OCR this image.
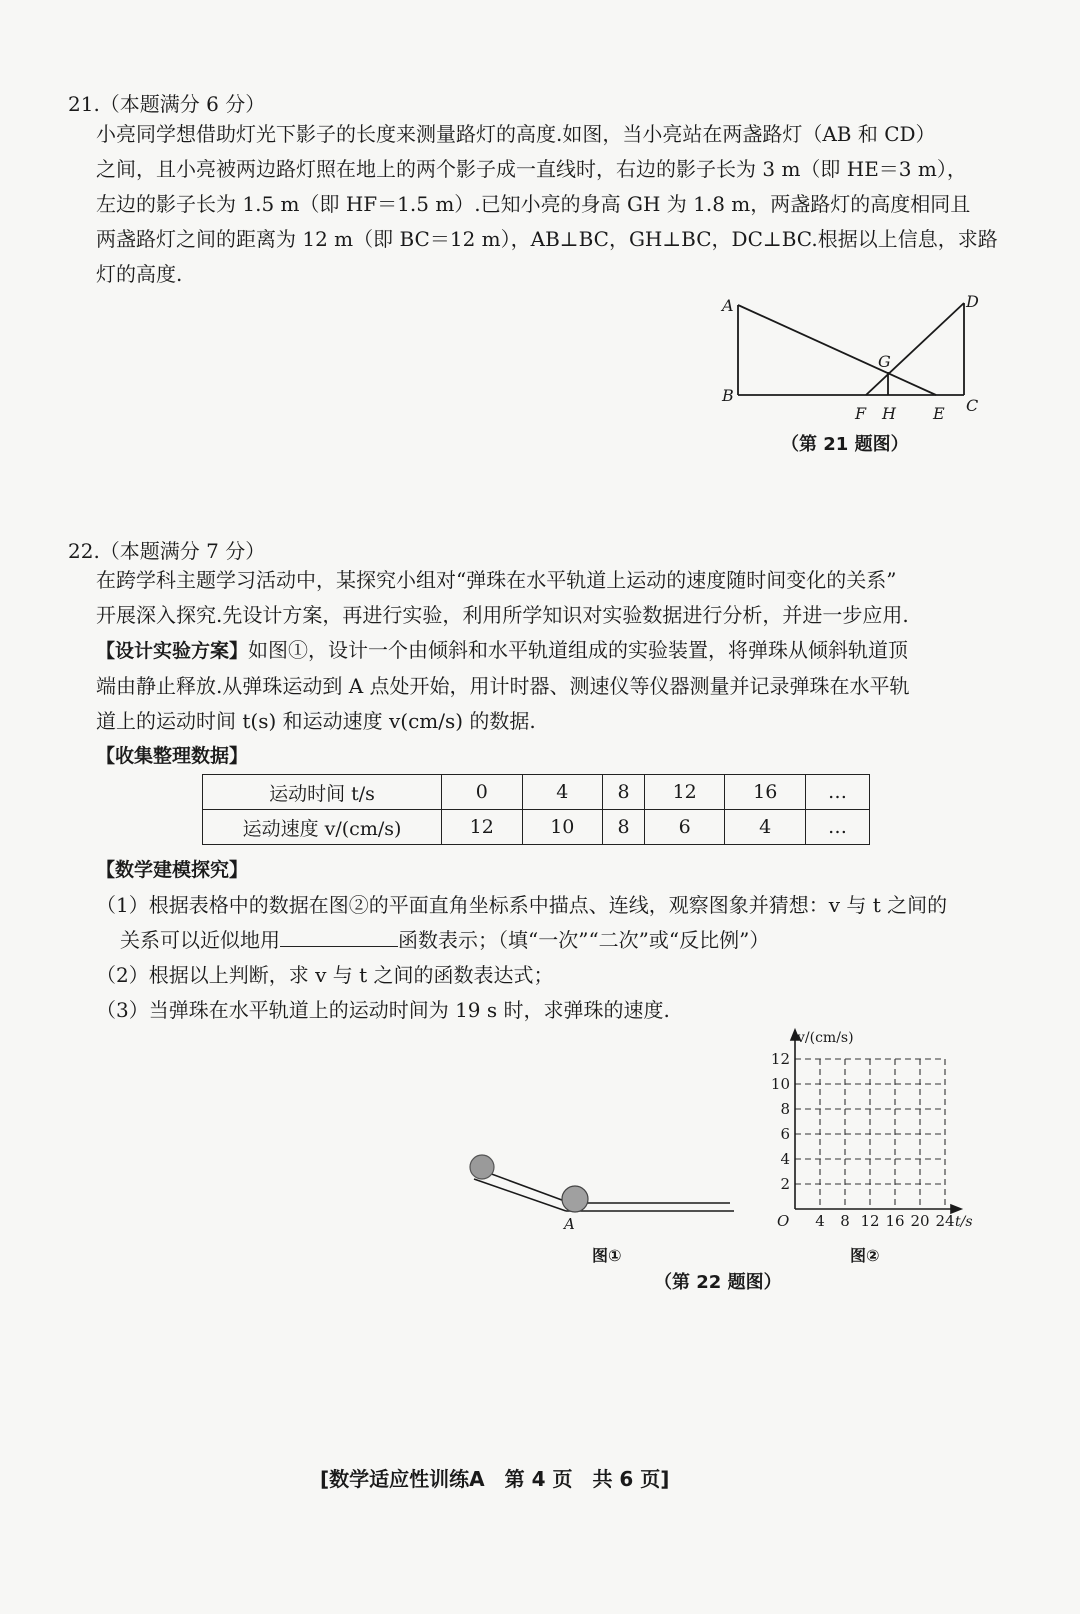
21.（本题满分 6 分）
小亮同学想借助灯光下影子的长度来测量路灯的高度.如图，当小亮站在两盏路灯（AB 和 CD）
之间，且小亮被两边路灯照在地上的两个影子成一直线时，右边的影子长为 3 m（即 HE＝3 m），
左边的影子长为 1.5 m（即 HF＝1.5 m）.已知小亮的身高 GH 为 1.8 m，两盏路灯的高度相同且
两盏路灯之间的距离为 12 m（即 BC＝12 m），AB⊥BC，GH⊥BC，DC⊥BC.根据以上信息，求路
灯的高度.
A
B
D
C
G
F H E
（第 21 题图）
22.（本题满分 7 分）
在跨学科主题学习活动中，某探究小组对“弹珠在水平轨道上运动的速度随时间变化的关系”
开展深入探究.先设计方案，再进行实验，利用所学知识对实验数据进行分析，并进一步应用.
【设计实验方案】如图①，设计一个由倾斜和水平轨道组成的实验装置，将弹珠从倾斜轨道顶
端由静止释放.从弹珠运动到 A 点处开始，用计时器、测速仪等仪器测量并记录弹珠在水平轨
道上的运动时间 t(s) 和运动速度 v(cm/s) 的数据.
【收集整理数据】
运动时间 t/s	0	4	8	12	16	…
运动速度 v/(cm/s)	12	10	8	6	4	…
【数学建模探究】
（1）根据表格中的数据在图②的平面直角坐标系中描点、连线，观察图象并猜想：v 与 t 之间的
关系可以近似地用	函数表示；（填“一次”“二次”或“反比例”）
（2）根据以上判断，求 v 与 t 之间的函数表达式；
（3）当弹珠在水平轨道上的运动时间为 19 s 时，求弹珠的速度.
A
图①
v/(cm/s)
t/s
O
2
4
6
8
10
12
4 8 12 16 20 24
图②
（第 22 题图）
[数学适应性训练A　第 4 页　共 6 页]
